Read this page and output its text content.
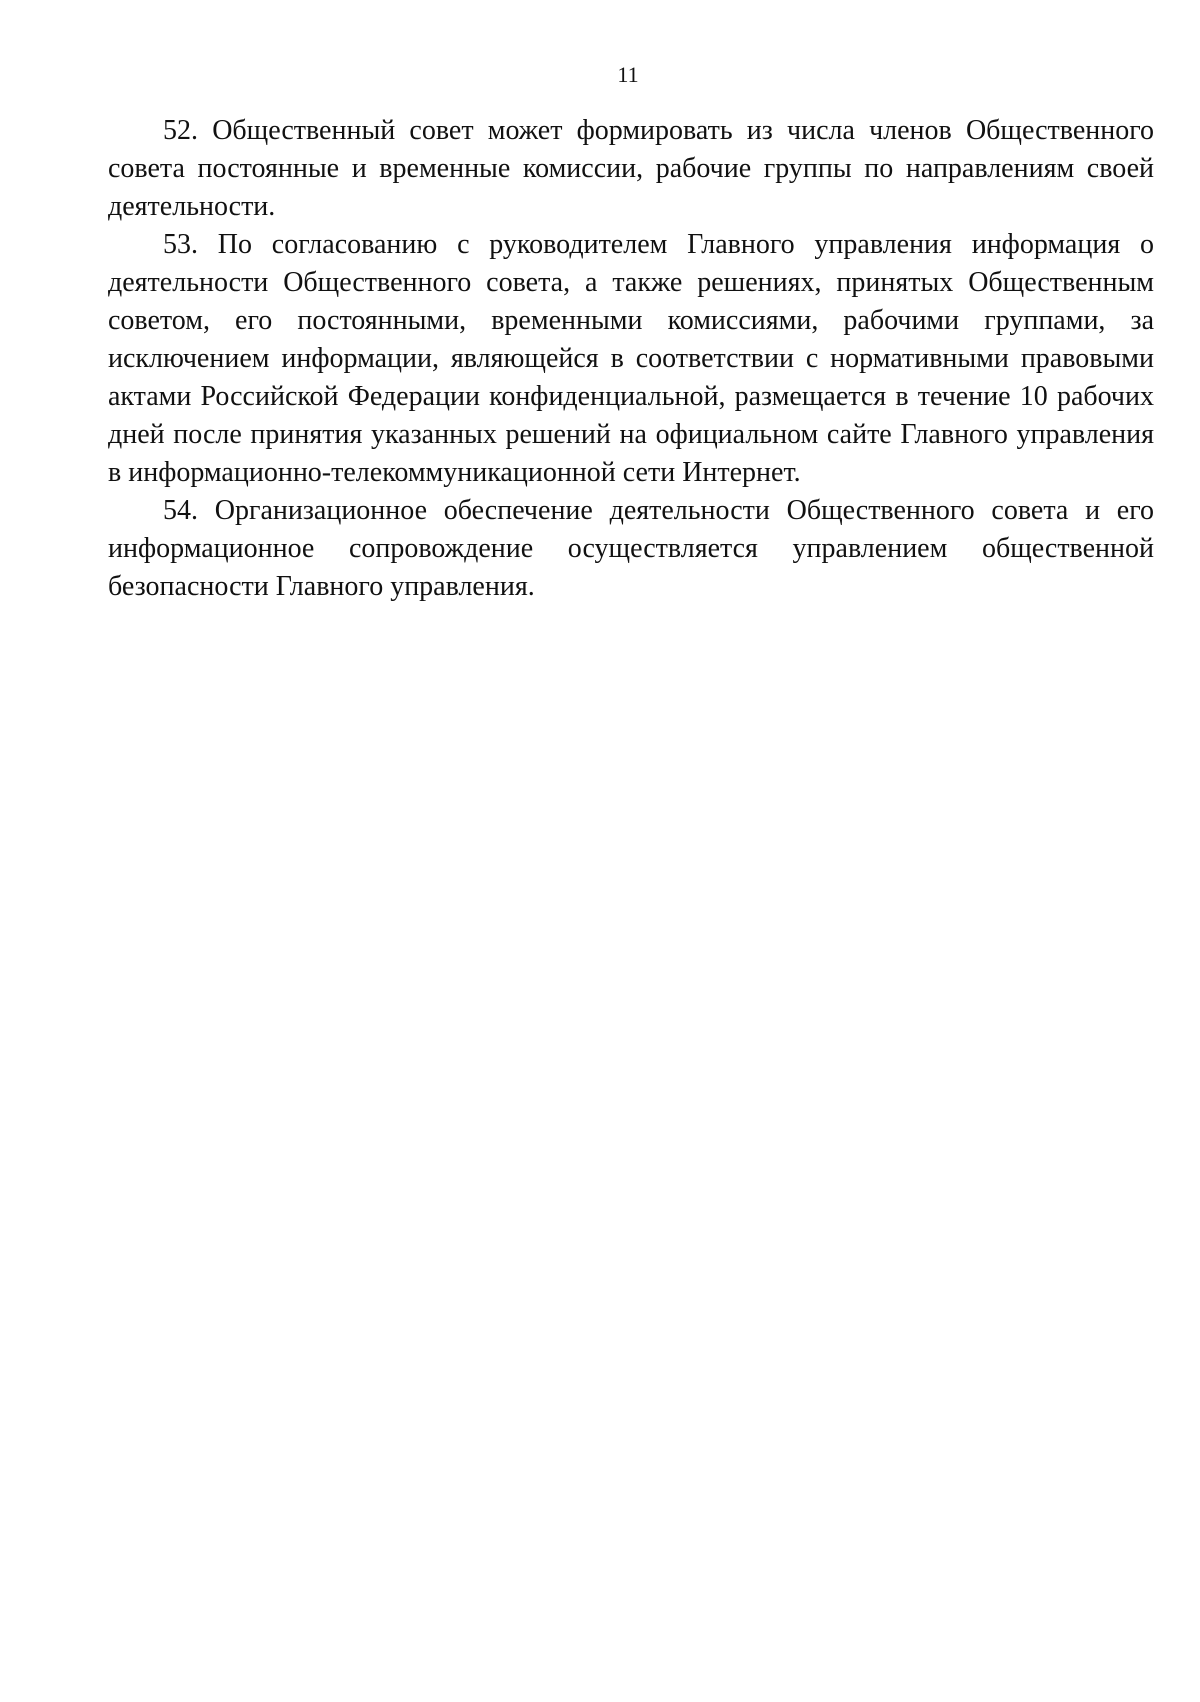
11

52. Общественный совет может формировать из числа членов Общественного совета постоянные и временные комиссии, рабочие группы по направлениям своей деятельности.

53. По согласованию с руководителем Главного управления информация о деятельности Общественного совета, а также решениях, принятых Общественным советом, его постоянными, временными комиссиями, рабочими группами, за исключением информации, являющейся в соответствии с нормативными правовыми актами Российской Федерации конфиденциальной, размещается в течение 10 рабочих дней после принятия указанных решений на официальном сайте Главного управления в информационно-телекоммуникационной сети Интернет.

54. Организационное обеспечение деятельности Общественного совета и его информационное сопровождение осуществляется управлением общественной безопасности Главного управления.
